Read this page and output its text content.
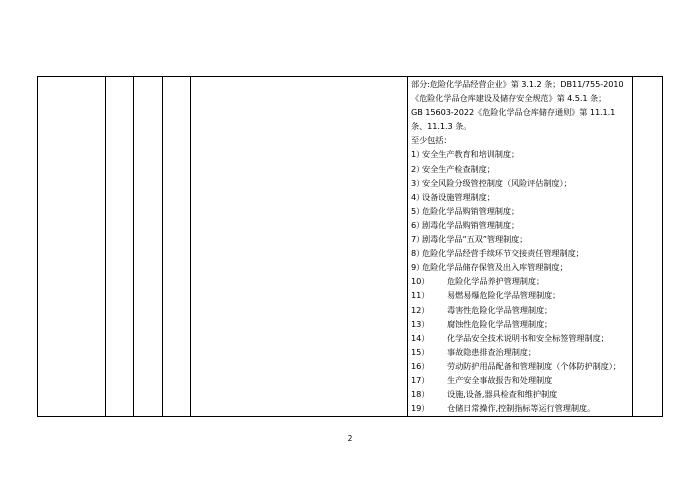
部分:危险化学品经营企业》第 3.1.2 条；DB11/755-2010
《危险化学品仓库建设及储存安全规范》第 4.5.1 条；
GB 15603-2022《危险化学品仓库储存通则》第 11.1.1
条、11.1.3 条。
至少包括：
1）
安全生产教育和培训制度；
2）
安全生产检查制度；
3）
安全风险分级管控制度（风险评估制度）；
4）
设备设施管理制度；
5）
危险化学品购销管理制度；
6）
剧毒化学品购销管理制度；
7）
剧毒化学品“五双”管理制度；
8）
危险化学品经营手续环节交接责任管理制度；
9）
危险化学品储存保管及出入库管理制度；
10）	危险化学品养护管理制度；
11）	易燃易爆危险化学品管理制度；
12）	毒害性危险化学品管理制度；
13）	腐蚀性危险化学品管理制度；
14）	化学品安全技术说明书和安全标签管理制度；
15）	事故隐患排查治理制度；
16）	劳动防护用品配备和管理制度（个体防护制度）；
17）	生产安全事故报告和处理制度
18）	设施,设备,器具检查和维护制度
19）	仓储日常操作,控制指标等运行管理制度。
2
